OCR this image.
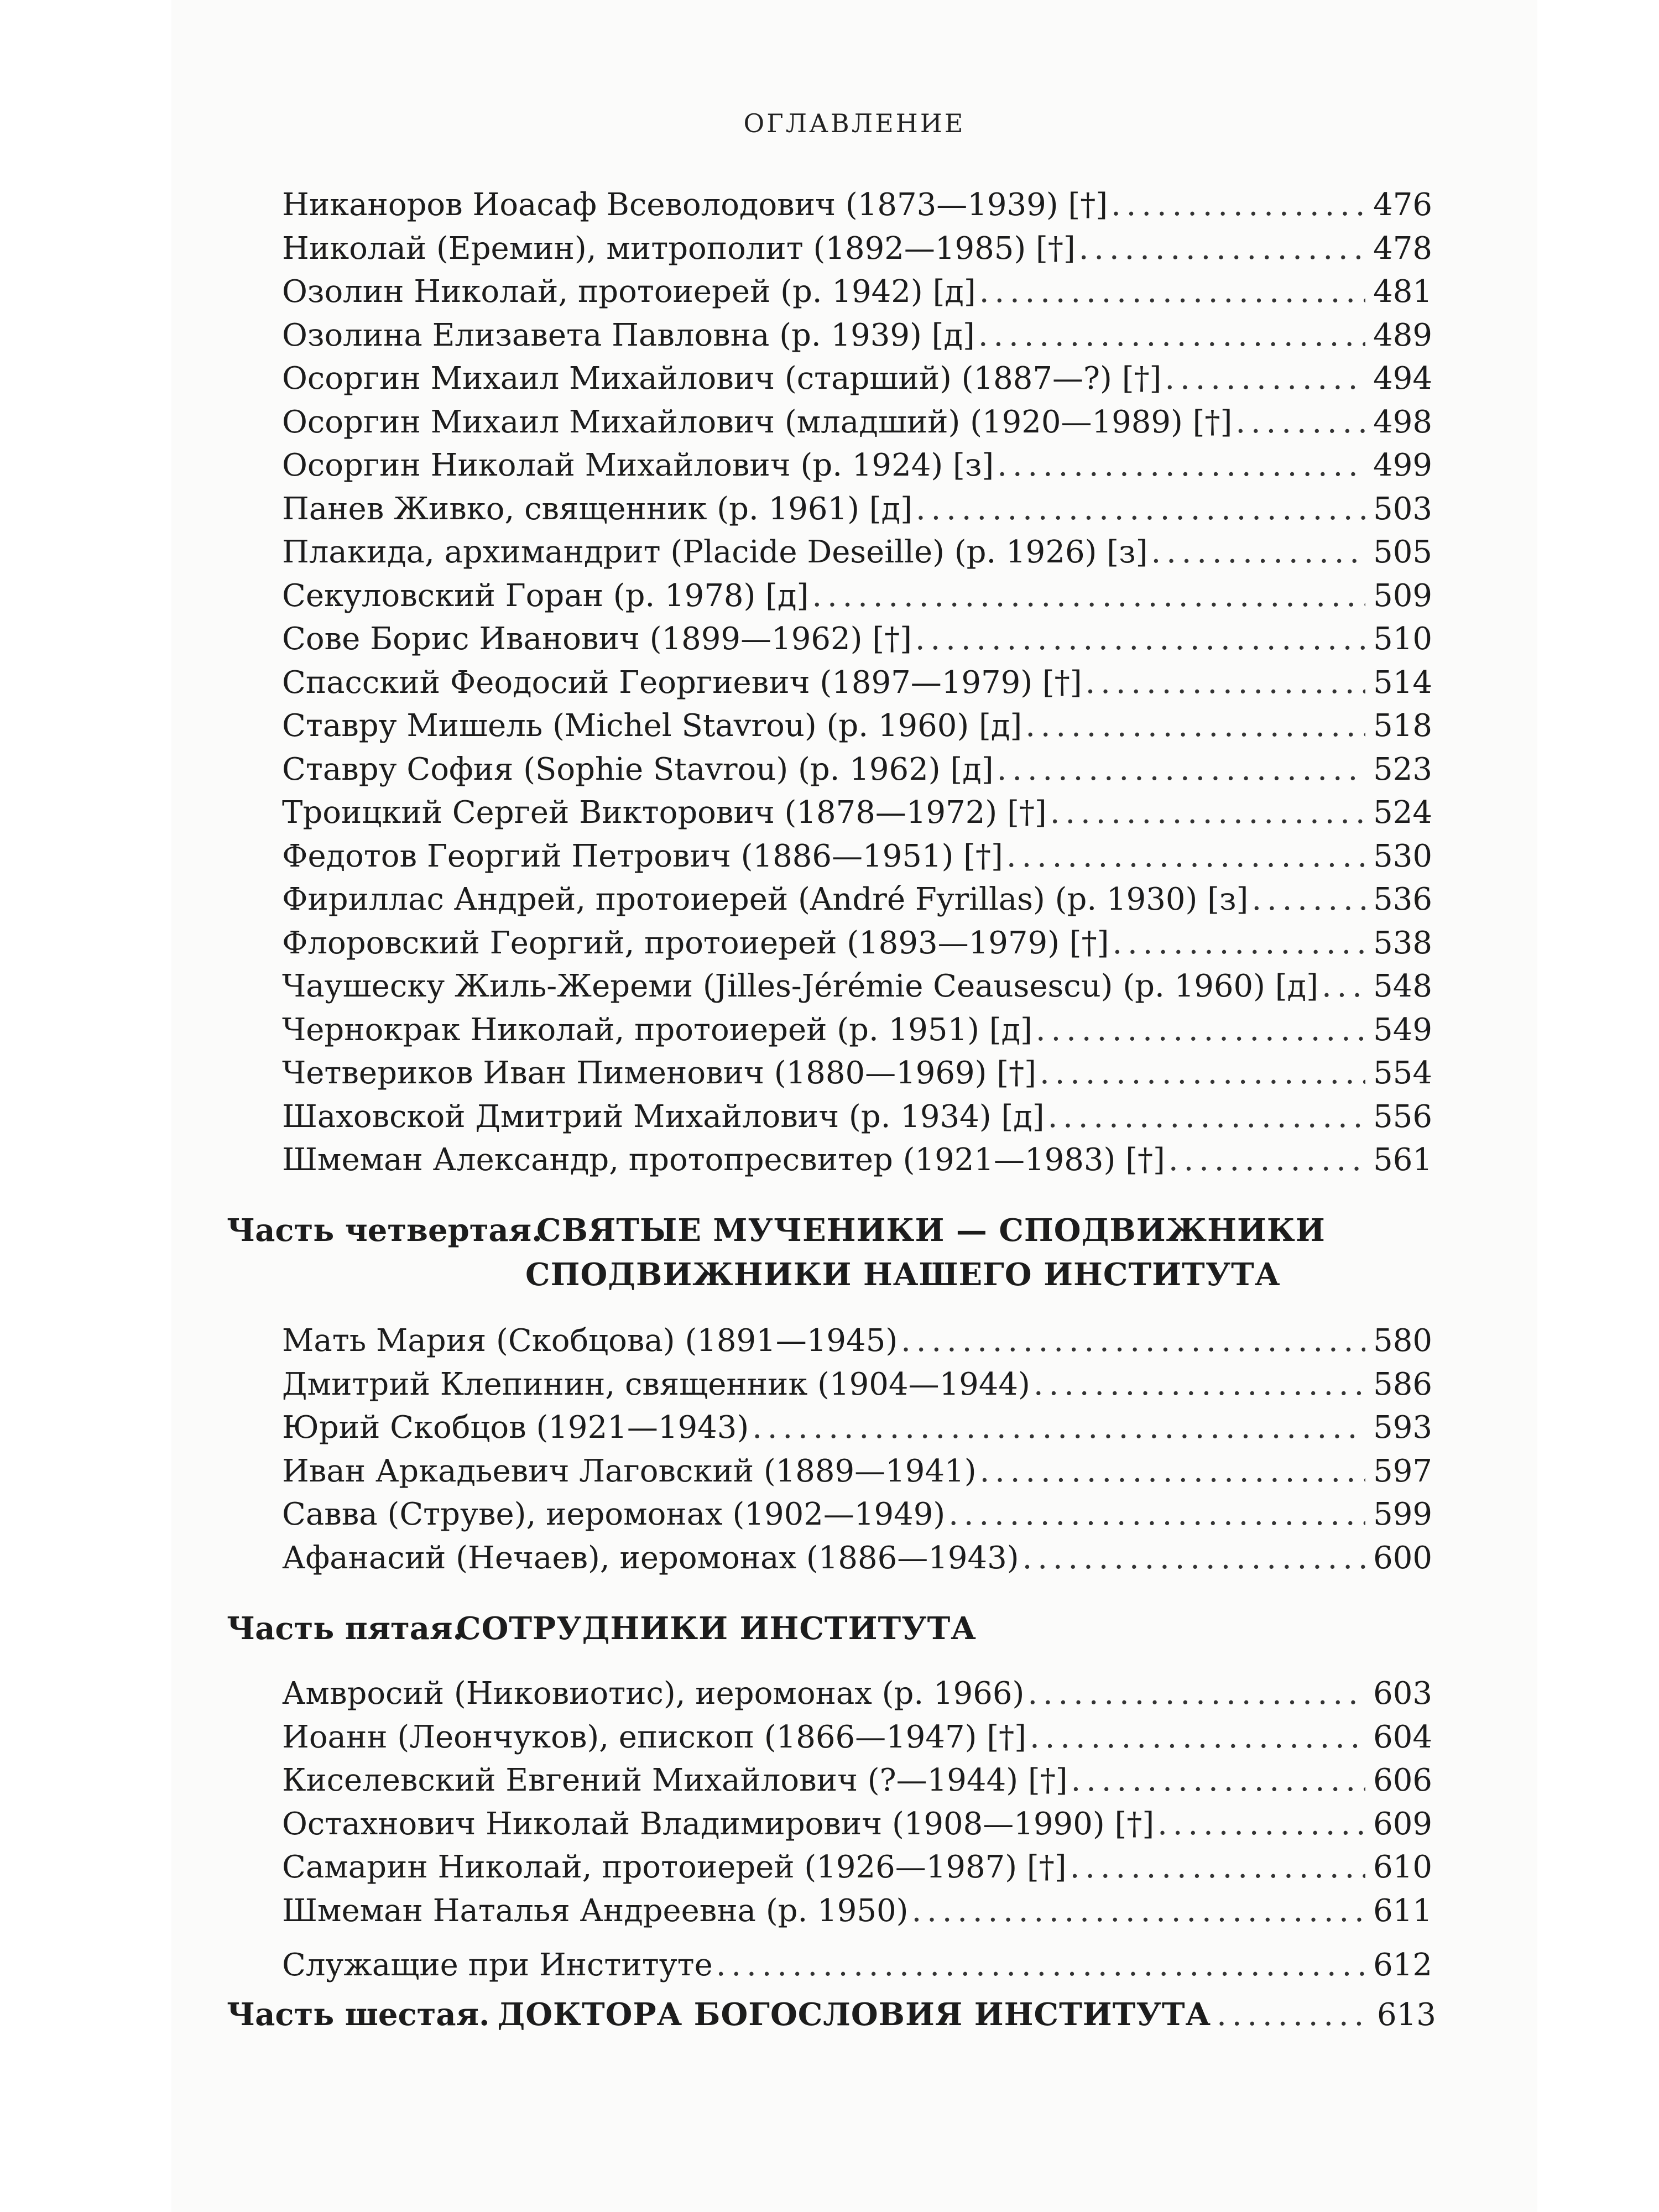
ОГЛАВЛЕНИЕ
Никаноров Иоасаф Всеволодович (1873—1939) [†] . . .	476
Николай (Еремин), митрополит (1892—1985) [†] . . .	478
Озолин Николай, протоиерей (р. 1942) [д] . . .	481
Озолина Елизавета Павловна (р. 1939) [д] . . .	489
Осоргин Михаил Михайлович (старший) (1887—?) [†] . . .	494
Осоргин Михаил Михайлович (младший) (1920—1989) [†] . . .	498
Осоргин Николай Михайлович (р. 1924) [з] . . .	499
Панев Живко, священник (р. 1961) [д] . . .	503
Плакида, архимандрит (Placide Deseille) (р. 1926) [з] . . .	505
Секуловский Горан (р. 1978) [д] . . .	509
Сове Борис Иванович (1899—1962) [†] . . .	510
Спасский Феодосий Георгиевич (1897—1979) [†] . . .	514
Ставру Мишель (Michel Stavrou) (р. 1960) [д] . . .	518
Ставру София (Sophie Stavrou) (р. 1962) [д] . . .	523
Троицкий Сергей Викторович (1878—1972) [†] . . .	524
Федотов Георгий Петрович (1886—1951) [†] . . .	530
Фириллас Андрей, протоиерей (André Fyrillas) (р. 1930) [з] . . .	536
Флоровский Георгий, протоиерей (1893—1979) [†] . . .	538
Чаушеску Жиль-Жереми (Jilles-Jérémie Ceausescu) (р. 1960) [д] . . . 548
Чернокрак Николай, протоиерей (р. 1951) [д] . . .	549
Четвериков Иван Пименович (1880—1969) [†] . . .	554
Шаховской Дмитрий Михайлович (р. 1934) [д] . . .	556
Шмеман Александр, протопресвитер (1921—1983) [†] . . .	561
Часть четвертая.
СВЯТЫЕ МУЧЕНИКИ — СПОДВИЖНИКИ
СПОДВИЖНИКИ НАШЕГО ИНСТИТУТА
Мать Мария (Скобцова) (1891—1945) . . .	580
Дмитрий Клепинин, священник (1904—1944) . . .	586
Юрий Скобцов (1921—1943) . . .	593
Иван Аркадьевич Лаговский (1889—1941) . . .	597
Савва (Струве), иеромонах (1902—1949) . . .	599
Афанасий (Нечаев), иеромонах (1886—1943) . . .	600
Часть пятая.
СОТРУДНИКИ ИНСТИТУТА
Амвросий (Никовиотис), иеромонах (р. 1966) . . .	603
Иоанн (Леончуков), епископ (1866—1947) [†] . . .	604
Киселевский Евгений Михайлович (?—1944) [†] . . .	606
Остахнович Николай Владимирович (1908—1990) [†] . . .	609
Самарин Николай, протоиерей (1926—1987) [†] . . .	610
Шмеман Наталья Андреевна (р. 1950) . . .	611
Служащие при Институте . . .	612
Часть шестая. ДОКТОРА БОГОСЛОВИЯ ИНСТИТУТА . . .	613
